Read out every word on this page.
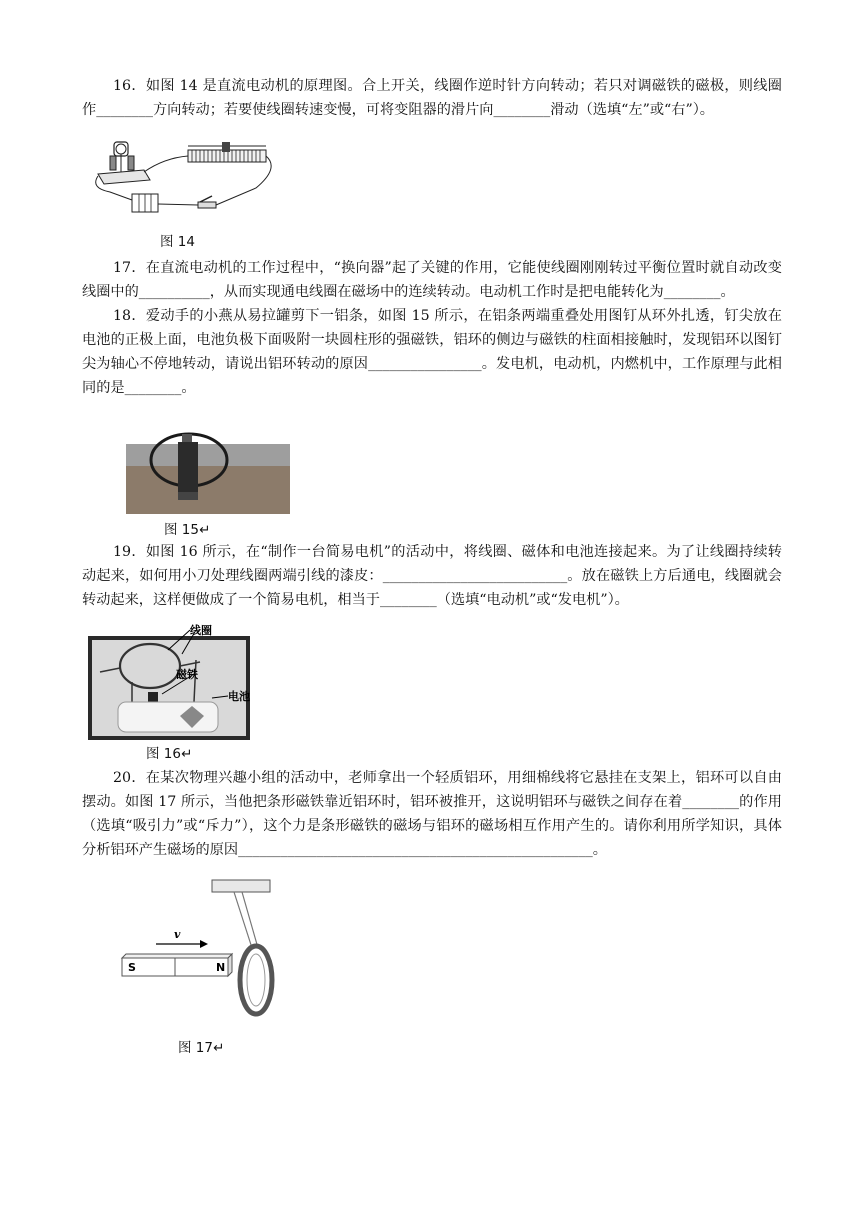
16．如图 14 是直流电动机的原理图。合上开关，线圈作逆时针方向转动；若只对调磁铁的磁极，则线圈作________方向转动；若要使线圈转速变慢，可将变阻器的滑片向________滑动（选填“左”或“右”）。

图 14

17．在直流电动机的工作过程中，“换向器”起了关键的作用，它能使线圈刚刚转过平衡位置时就自动改变线圈中的__________，从而实现通电线圈在磁场中的连续转动。电动机工作时是把电能转化为________。

18．爱动手的小燕从易拉罐剪下一铝条，如图 15 所示，在铝条两端重叠处用图钉从环外扎透，钉尖放在电池的正极上面，电池负极下面吸附一块圆柱形的强磁铁，铝环的侧边与磁铁的柱面相接触时，发现铝环以图钉尖为轴心不停地转动，请说出铝环转动的原因________________。发电机，电动机，内燃机中，工作原理与此相同的是________。

图 15↵

19．如图 16 所示，在“制作一台简易电机”的活动中，将线圈、磁体和电池连接起来。为了让线圈持续转动起来，如何用小刀处理线圈两端引线的漆皮：__________________________。放在磁铁上方后通电，线圈就会转动起来，这样便做成了一个简易电机，相当于________（选填“电动机”或“发电机”）。

线圈
磁铁
电池
图 16↵

20．在某次物理兴趣小组的活动中，老师拿出一个轻质铝环，用细棉线将它悬挂在支架上，铝环可以自由摆动。如图 17 所示，当他把条形磁铁靠近铝环时，铝环被推开，这说明铝环与磁铁之间存在着________的作用（选填“吸引力”或“斥力”），这个力是条形磁铁的磁场与铝环的磁场相互作用产生的。请你利用所学知识，具体分析铝环产生磁场的原因__________________________________________________。

v
S	N
图 17↵
